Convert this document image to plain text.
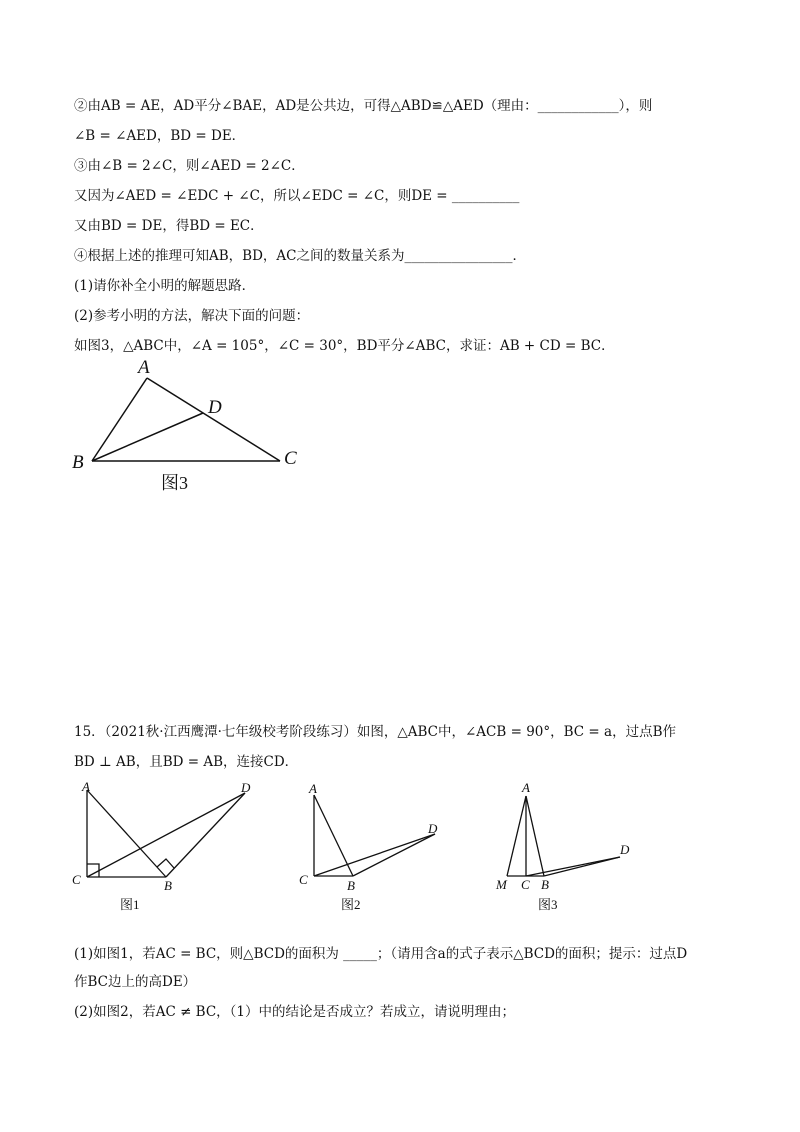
②由AB = AE，AD平分∠BAE，AD是公共边，可得△ABD≌△AED（理由：____________），则
∠B = ∠AED，BD = DE．
③由∠B = 2∠C，则∠AED = 2∠C．
又因为∠AED = ∠EDC + ∠C，所以∠EDC = ∠C，则DE = __________
又由BD = DE，得BD = EC．
④根据上述的推理可知AB，BD，AC之间的数量关系为________________．
(1)请你补全小明的解题思路．
(2)参考小明的方法，解决下面的问题：
如图3，△ABC中，∠A = 105°，∠C = 30°，BD平分∠ABC，求证：AB + CD = BC．
A
D
B	C
图3
15．（2021秋·江西鹰潭·七年级校考阶段练习）如图，△ABC中，∠ACB = 90°，BC = a，过点B作
BD ⊥ AB，且BD = AB，连接CD．
A	D
C	B
图1
A
D
C	B
图2
A
D
M C B
图3
(1)如图1，若AC = BC，则△BCD的面积为 _____；（请用含a的式子表示△BCD的面积；提示：过点D
作BC边上的高DE）
(2)如图2，若AC ≠ BC，（1）中的结论是否成立？若成立，请说明理由；
